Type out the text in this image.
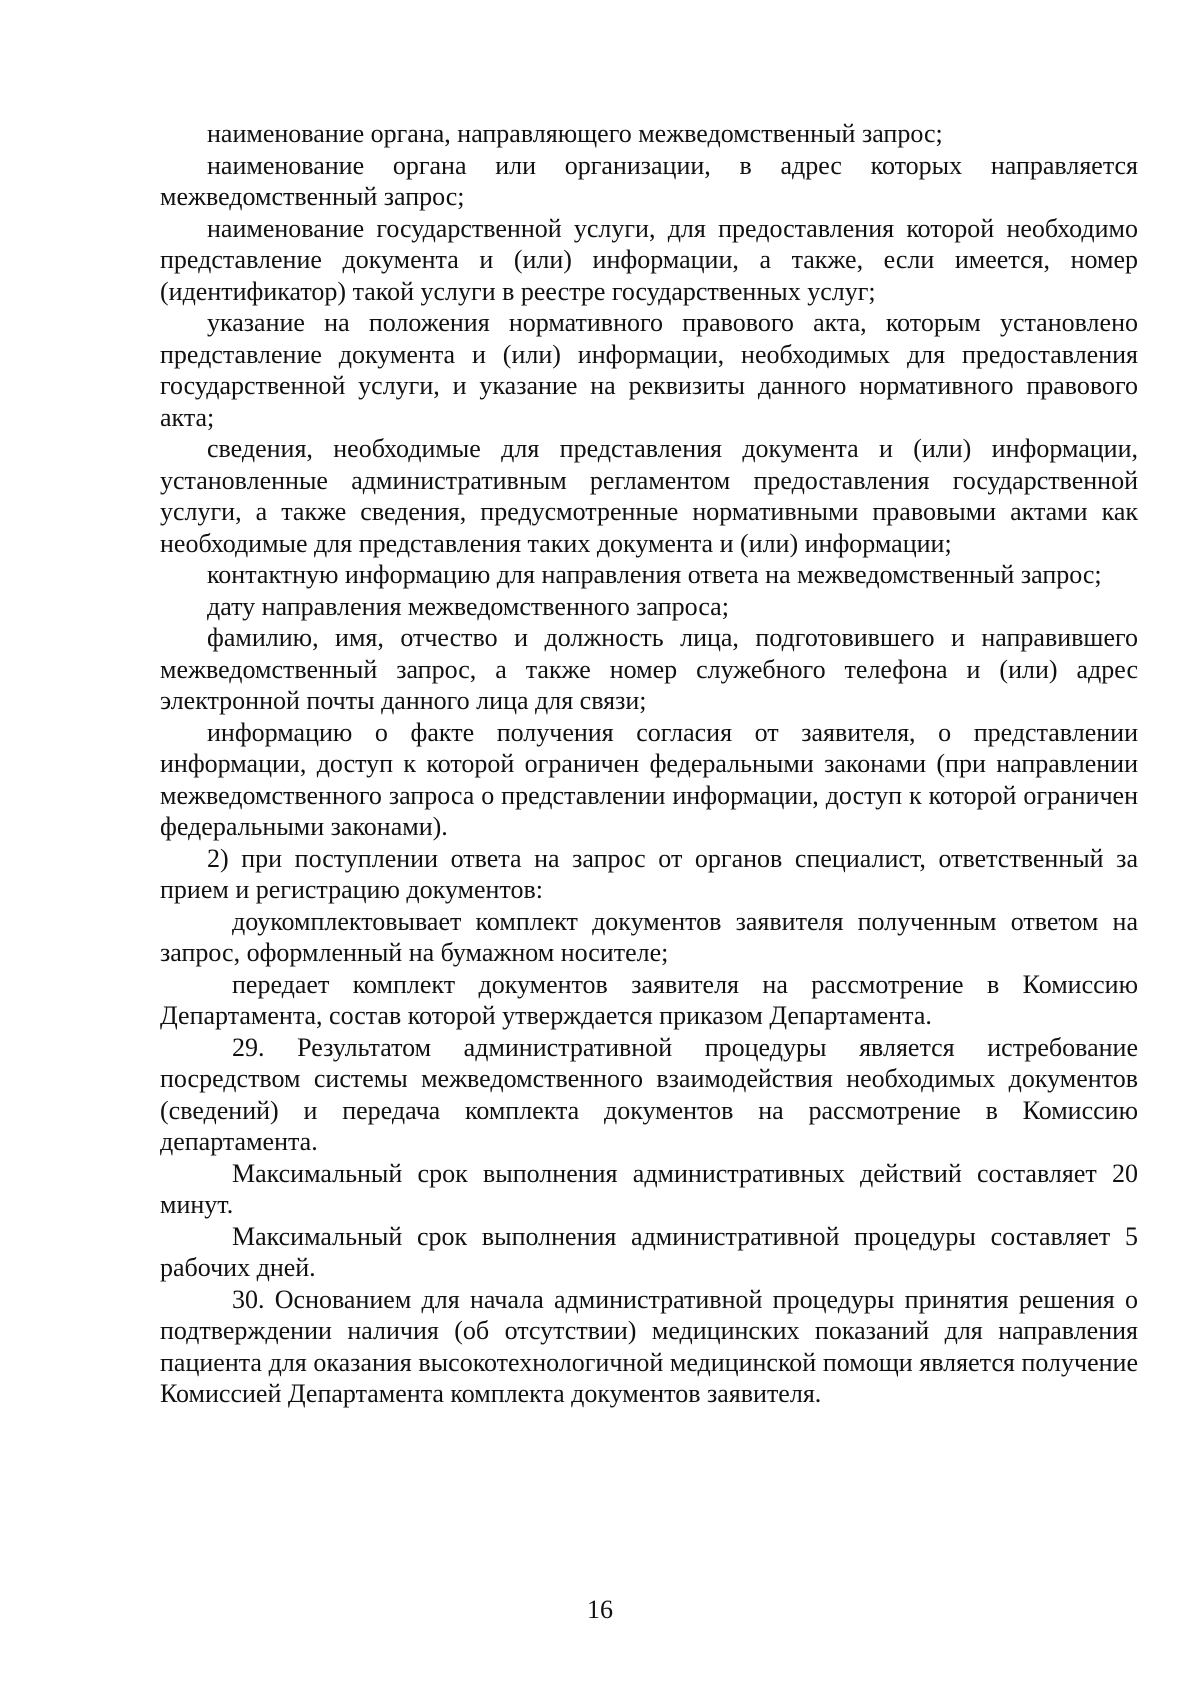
наименование органа, направляющего межведомственный запрос;

наименование органа или организации, в адрес которых направляется межведомственный запрос;

наименование государственной услуги, для предоставления которой необходимо представление документа и (или) информации, а также, если имеется, номер (идентификатор) такой услуги в реестре государственных услуг;

указание на положения нормативного правового акта, которым установлено представление документа и (или) информации, необходимых для предоставления государственной услуги, и указание на реквизиты данного нормативного правового акта;

сведения, необходимые для представления документа и (или) информации, установленные административным регламентом предоставления государственной услуги, а также сведения, предусмотренные нормативными правовыми актами как необходимые для представления таких документа и (или) информации;

контактную информацию для направления ответа на межведомственный запрос;

дату направления межведомственного запроса;

фамилию, имя, отчество и должность лица, подготовившего и направившего межведомственный запрос, а также номер служебного телефона и (или) адрес электронной почты данного лица для связи;

информацию о факте получения согласия от заявителя, о представлении информации, доступ к которой ограничен федеральными законами (при направлении межведомственного запроса о представлении информации, доступ к которой ограничен федеральными законами).

2) при поступлении ответа на запрос от органов специалист, ответственный за прием и регистрацию документов:

доукомплектовывает комплект документов заявителя полученным ответом на запрос, оформленный на бумажном носителе;

передает комплект документов заявителя на рассмотрение в Комиссию Департамента, состав которой утверждается приказом Департамента.

29. Результатом административной процедуры является истребование посредством системы межведомственного взаимодействия необходимых документов (сведений) и передача комплекта документов на рассмотрение в Комиссию департамента.

Максимальный срок выполнения административных действий составляет 20 минут.

Максимальный срок выполнения административной процедуры составляет 5 рабочих дней.

30. Основанием для начала административной процедуры принятия решения о подтверждении наличия (об отсутствии) медицинских показаний для направления пациента для оказания высокотехнологичной медицинской помощи является получение Комиссией Департамента комплекта документов заявителя.

16
